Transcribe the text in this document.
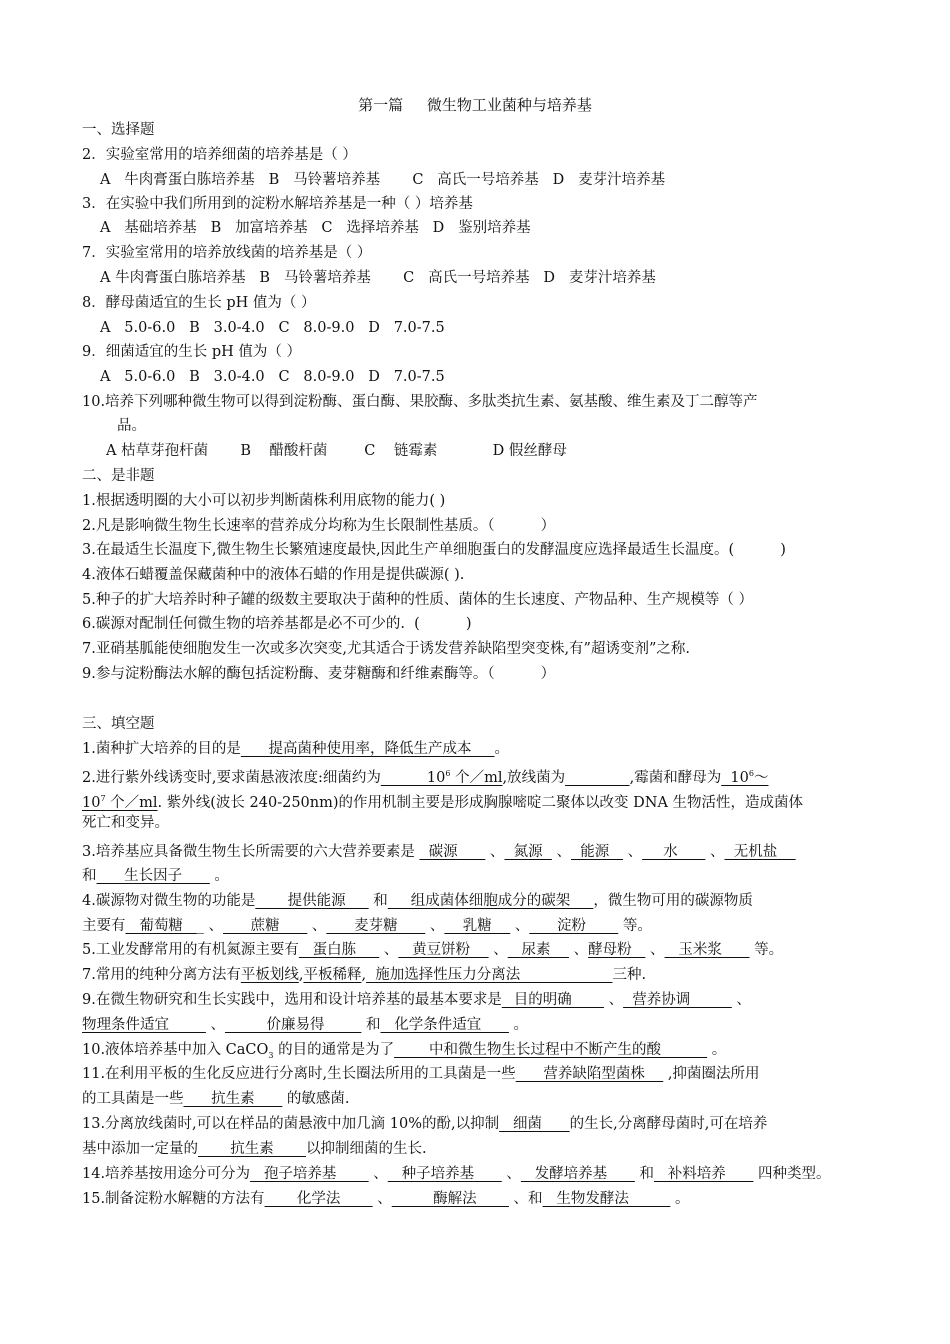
第一篇     微生物工业菌种与培养基
一、选择题
2．实验室常用的培养细菌的培养基是（ ）
A   牛肉膏蛋白胨培养基   B   马铃薯培养基       C   高氏一号培养基   D   麦芽汁培养基
3．在实验中我们所用到的淀粉水解培养基是一种（ ）培养基
A   基础培养基   B   加富培养基   C   选择培养基   D   鉴别培养基
7．实验室常用的培养放线菌的培养基是（ ）
A 牛肉膏蛋白胨培养基   B   马铃薯培养基       C   高氏一号培养基   D   麦芽汁培养基
8．酵母菌适宜的生长 pH 值为（ ）
A   5.0-6.0   B   3.0-4.0   C   8.0-9.0   D   7.0-7.5
9．细菌适宜的生长 pH 值为（ ）
A   5.0-6.0   B   3.0-4.0   C   8.0-9.0   D   7.0-7.5
10.培养下列哪种微生物可以得到淀粉酶、蛋白酶、果胶酶、多肽类抗生素、氨基酸、维生素及丁二醇等产
品。
A 枯草芽孢杆菌       B    醋酸杆菌        C    链霉素            D 假丝酵母
二、是非题
1.根据透明圈的大小可以初步判断菌株利用底物的能力( )
2.凡是影响微生物生长速率的营养成分均称为生长限制性基质。（          ）
3.在最适生长温度下,微生物生长繁殖速度最快,因此生产单细胞蛋白的发酵温度应选择最适生长温度。(          )
4.液体石蜡覆盖保藏菌种中的液体石蜡的作用是提供碳源( ).
5.种子的扩大培养时种子罐的级数主要取决于菌种的性质、菌体的生长速度、产物品种、生产规模等（ ）
6.碳源对配制任何微生物的培养基都是必不可少的.  (          )
7.亚硝基胍能使细胞发生一次或多次突变,尤其适合于诱发营养缺陷型突变株,有”超诱变剂”之称.
9.参与淀粉酶法水解的酶包括淀粉酶、麦芽糖酶和纤维素酶等。（          ）
三、填空题
1.菌种扩大培养的目的是      提高菌种使用率，降低生产成本     。
2.进行紫外线诱变时,要求菌悬液浓度:细菌约为          $10^6$ 个／ml,放线菌为	,霉菌和酵母为  $10^6\sim$
$10^7$ 个／ml. 紫外线(波长 240-250nm)的作用机制主要是形成胸腺嘧啶二聚体以改变 DNA 生物活性，造成菌体
死亡和变异。
3.培养基应具备微生物生长所需要的六大营养要素是   碳源       、  氮源   、  能源    、_   水       、  无机盐
和      生长因子       。
4.碳源物对微生物的功能是       提供能源      和     组成菌体细胞成分的碳架     ，微生物可用的碳源物质
主要有   葡萄糖   _ 、      蔗糖       、      麦芽糖       、    乳糖     、      淀粉        等。
5.工业发酵常用的有机氮源主要有   蛋白胨      、   黄豆饼粉     、   尿素     、酵母粉    、   玉米浆       等。
7.常用的纯种分离方法有平板划线,平板稀释,  施加选择性压力分离法                    三种.
9.在微生物研究和生长实践中，选用和设计培养基的最基本要求是_ 目的明确        、  营养协调          、
物理条件适宜	、         价廉易得         和   化学条件适宜       。
10.液体培养基中加入 CaCO$_3$ 的目的通常是为了_      中和微生物生长过程中不断产生的酸           。
11.在利用平板的生化反应进行分离时,生长圈法所用的工具菌是一些      营养缺陷型菌株     ,抑菌圈法所用
的工具菌是一些      抗生素       的敏感菌.
13.分离放线菌时,可以在样品的菌悬液中加几滴 10%的酚,以抑制   细菌      的生长,分离酵母菌时,可在培养
基中添加一定量的       抗生素       以抑制细菌的生长.
14.培养基按用途分可分为   孢子培养基        、   种子培养基       、   发酵培养基       和   补料培养       四种类型。
15.制备淀粉水解糖的方法有       化学法        、         酶解法        、和   生物发酵法          。
